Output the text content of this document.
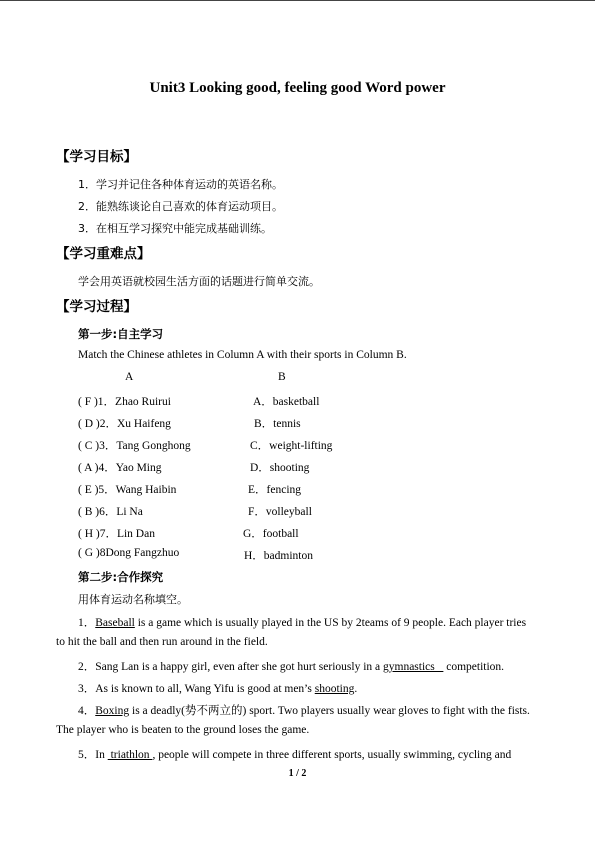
Unit3 Looking good, feeling good Word power
【学习目标】
1．学习并记住各种体育运动的英语名称。
2．能熟练谈论自己喜欢的体育运动项目。
3．在相互学习探究中能完成基础训练。
【学习重难点】
学会用英语就校园生活方面的话题进行简单交流。
【学习过程】
第一步:自主学习
Match the Chinese athletes in Column A with their sports in Column B.
A	B
( F )1．Zhao Ruirui	A．basketball
( D )2．Xu Haifeng	B．tennis
( C )3．Tang Gonghong	C．weight-lifting
( A )4．Yao Ming	D．shooting
( E )5．Wang Haibin	E．fencing
( B )6．Li Na	F．volleyball
( H )7．Lin Dan	G．football
( G )8Dong Fangzhuo	H．badminton
第二步:合作探究
用体育运动名称填空。
1．Baseball is a game which is usually played in the US by 2teams of 9 people. Each player tries
to hit the ball and then run around in the field.
2．Sang Lan is a happy girl, even after she got hurt seriously in a gymnastics    competition.
3．As is known to all, Wang Yifu is good at men’s shooting.
4．Boxing is a deadly(势不两立的) sport. Two players usually wear gloves to fight with the fists.
The player who is beaten to the ground loses the game.
5．In  triathlon , people will compete in three different sports, usually swimming, cycling and
1 / 2
